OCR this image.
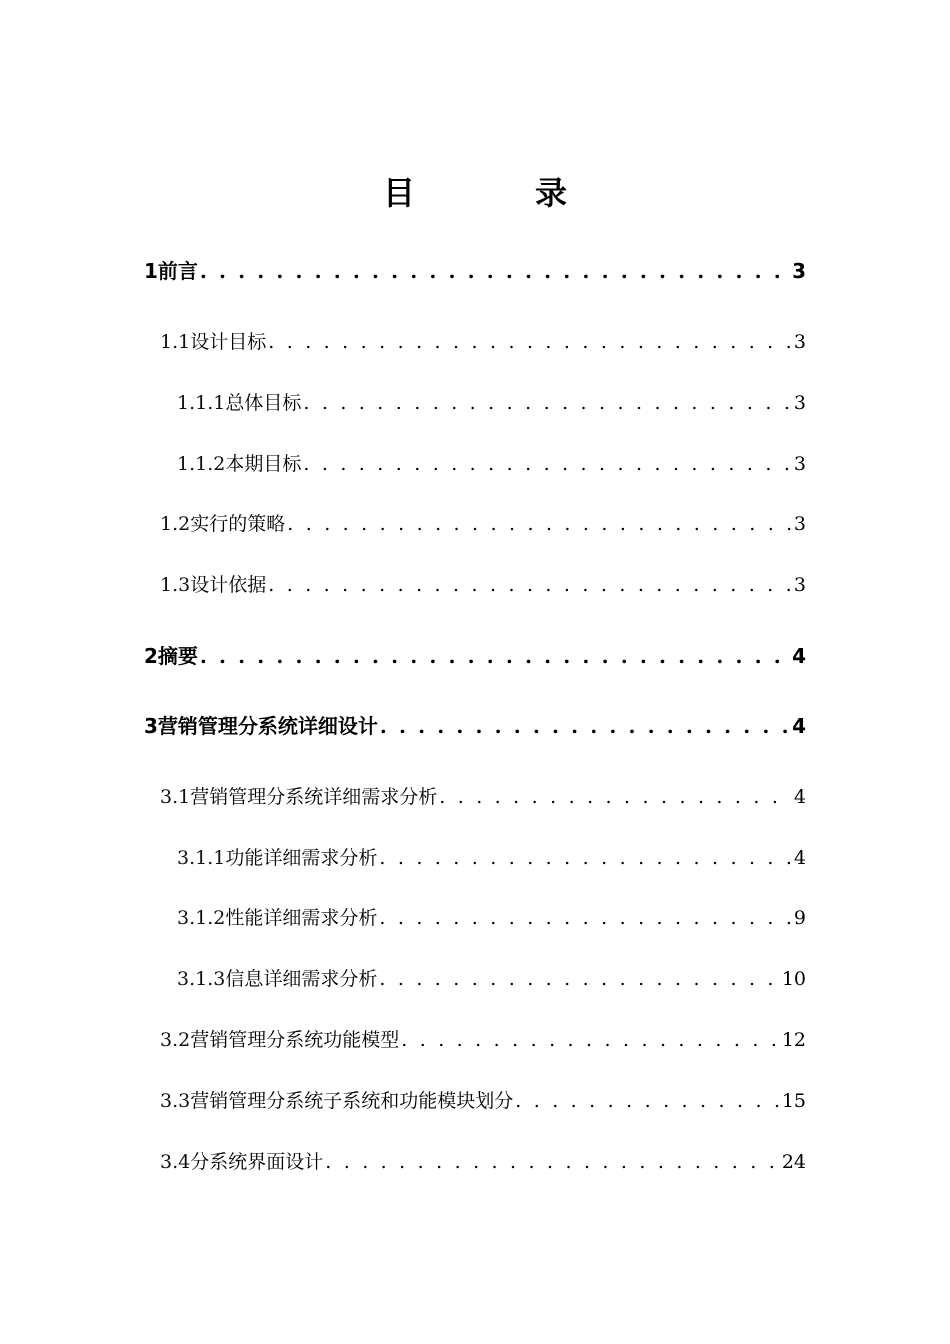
目　录
1 前言 . . .	3
1.1 设计目标 . . .	3
1.1.1 总体目标 . . .	3
1.1.2 本期目标 . . .	3
1.2 实行的策略 . . .	3
1.3 设计依据 . . .	3
2 摘要 . . .	4
3 营销管理分系统详细设计 . . .	4
3.1 营销管理分系统详细需求分析 . . .	4
3.1.1 功能详细需求分析 . . .	4
3.1.2 性能详细需求分析 . . .	9
3.1.3 信息详细需求分析 . . .	10
3.2 营销管理分系统功能模型 . . .	12
3.3 营销管理分系统子系统和功能模块划分 . . .	15
3.4 分系统界面设计 . . .	24
